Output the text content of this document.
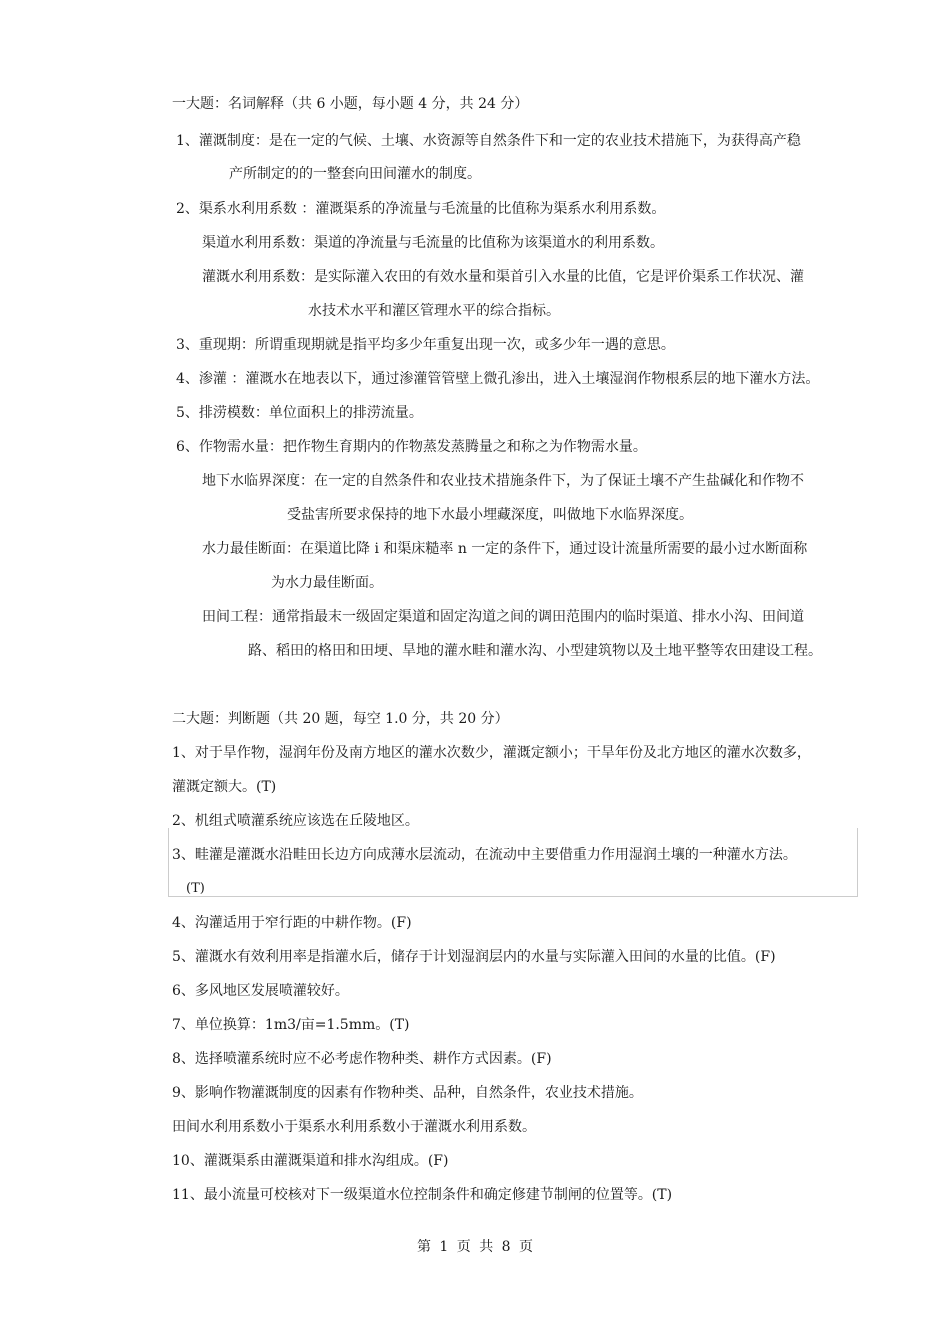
一大题：名词解释（共 6 小题，每小题 4 分，共 24 分）
1、灌溉制度：是在一定的气候、土壤、水资源等自然条件下和一定的农业技术措施下，为获得高产稳
产所制定的的一整套向田间灌水的制度。
2、渠系水利用系数 ：灌溉渠系的净流量与毛流量的比值称为渠系水利用系数。
渠道水利用系数：渠道的净流量与毛流量的比值称为该渠道水的利用系数。
灌溉水利用系数：是实际灌入农田的有效水量和渠首引入水量的比值，它是评价渠系工作状况、灌
水技术水平和灌区管理水平的综合指标。
3、重现期：所谓重现期就是指平均多少年重复出现一次，或多少年一遇的意思。
4、渗灌 ：灌溉水在地表以下，通过渗灌管管壁上微孔渗出，进入土壤湿润作物根系层的地下灌水方法。
5、排涝模数：单位面积上的排涝流量。
6、作物需水量：把作物生育期内的作物蒸发蒸腾量之和称之为作物需水量。
地下水临界深度：在一定的自然条件和农业技术措施条件下，为了保证土壤不产生盐碱化和作物不
受盐害所要求保持的地下水最小埋藏深度，叫做地下水临界深度。
水力最佳断面：在渠道比降 i 和渠床糙率 n 一定的条件下，通过设计流量所需要的最小过水断面称
为水力最佳断面。
田间工程：通常指最末一级固定渠道和固定沟道之间的调田范围内的临时渠道、排水小沟、田间道
路、稻田的格田和田埂、旱地的灌水畦和灌水沟、小型建筑物以及土地平整等农田建设工程。
二大题：判断题（共 20 题，每空 1.0 分，共 20 分）
1、对于旱作物，湿润年份及南方地区的灌水次数少，灌溉定额小；干旱年份及北方地区的灌水次数多，
灌溉定额大。(T)
2、机组式喷灌系统应该选在丘陵地区。
3、畦灌是灌溉水沿畦田长边方向成薄水层流动，在流动中主要借重力作用湿润土壤的一种灌水方法。
(T)
4、沟灌适用于窄行距的中耕作物。(F)
5、灌溉水有效利用率是指灌水后，储存于计划湿润层内的水量与实际灌入田间的水量的比值。(F)
6、多风地区发展喷灌较好。
7、单位换算：1m3/亩=1.5mm。(T)
8、选择喷灌系统时应不必考虑作物种类、耕作方式因素。(F)
9、影响作物灌溉制度的因素有作物种类、品种，自然条件，农业技术措施。
田间水利用系数小于渠系水利用系数小于灌溉水利用系数。
10、灌溉渠系由灌溉渠道和排水沟组成。(F)
11、最小流量可校核对下一级渠道水位控制条件和确定修建节制闸的位置等。(T)
第 1 页 共 8 页
